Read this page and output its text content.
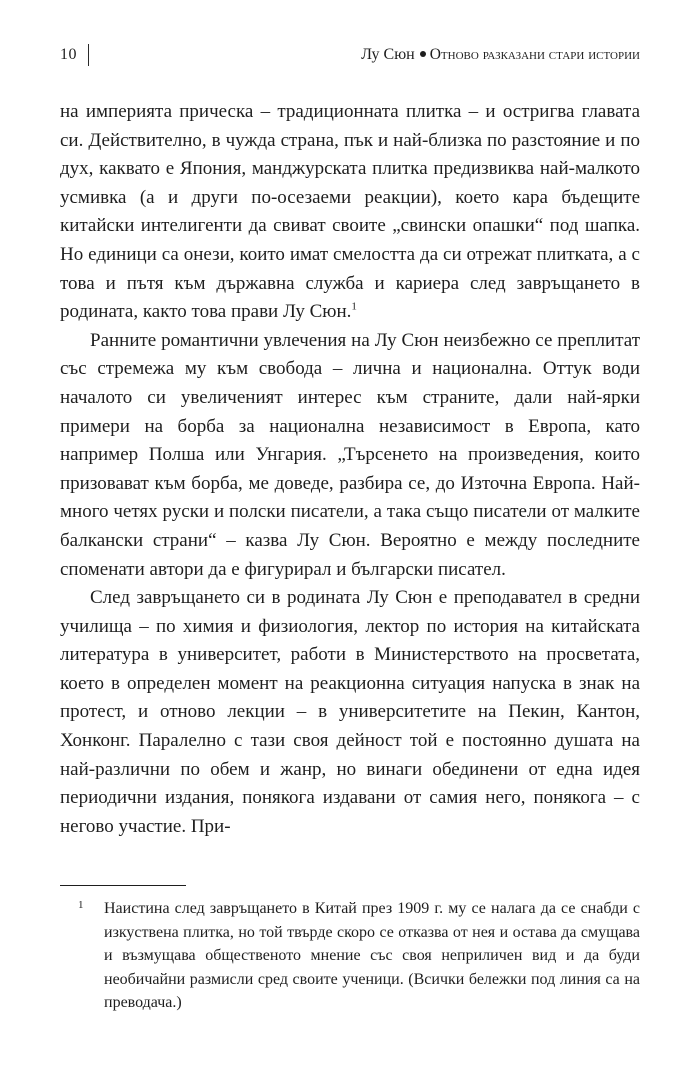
10	Лу Сюн Отново разказани стари истории

на империята прическа – традиционната плитка – и остригва главата си. Действително, в чужда страна, пък и най-близка по разстояние и по дух, каквато е Япония, манджурската плитка предизвиква най-малкото усмивка (а и други по-осезаеми реакции), което кара бъдещите китайски интелигенти да свиват своите „свински опашки“ под шапка. Но единици са онези, които имат смелостта да си отрежат плитката, а с това и пътя към държавна служба и кариера след завръщането в родината, както това прави Лу Сюн.$^1$

Ранните романтични увлечения на Лу Сюн неизбежно се преплитат със стремежа му към свобода – лична и национална. Оттук води началото си увеличеният интерес към страните, дали най-ярки примери на борба за национална независимост в Европа, като например Полша или Унгария. „Търсенето на произведения, които призовават към борба, ме доведе, разбира се, до Източна Европа. Най-много четях руски и полски писатели, а така също писатели от малките балкански страни“ – казва Лу Сюн. Вероятно е между последните споменати автори да е фигурирал и български писател.

След завръщането си в родината Лу Сюн е преподавател в средни училища – по химия и физиология, лектор по история на китайската литература в университет, работи в Министерството на просветата, което в определен момент на реакционна ситуация напуска в знак на протест, и отново лекции – в университетите на Пекин, Кантон, Хонконг. Паралелно с тази своя дейност той е постоянно душата на най-различни по обем и жанр, но винаги обединени от една идея периодични издания, понякога издавани от самия него, понякога – с негово участие. При-

1 Наистина след завръщането в Китай през 1909 г. му се налага да се снабди с изкуствена плитка, но той твърде скоро се отказва от нея и остава да смущава и възмущава общественото мнение със своя неприличен вид и да буди необичайни размисли сред своите ученици. (Всички бележки под линия са на преводача.)
